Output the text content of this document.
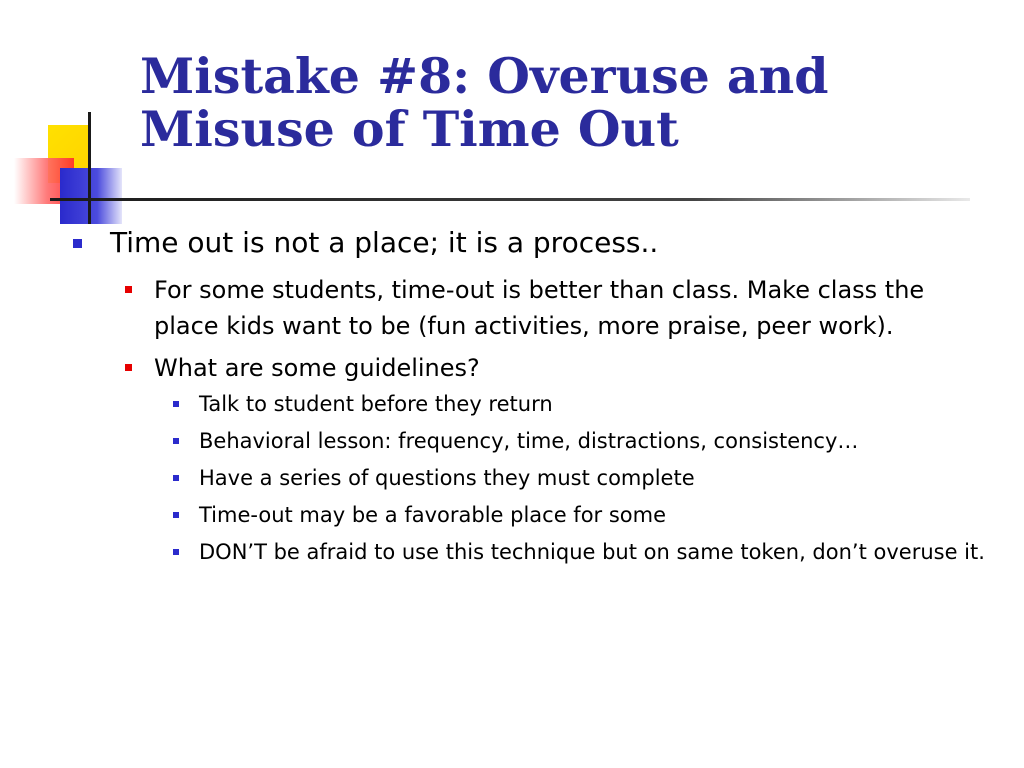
Mistake #8: Overuse and
Misuse of Time Out
Time out is not a place; it is a process..
For some students, time-out is better than class. Make class the place kids want to be (fun activities, more praise, peer work).
What are some guidelines?
Talk to student before they return
Behavioral lesson: frequency, time, distractions, consistency…
Have a series of questions they must complete
Time-out may be a favorable place for some
DON’T be afraid to use this technique but on same token, don’t overuse it.
